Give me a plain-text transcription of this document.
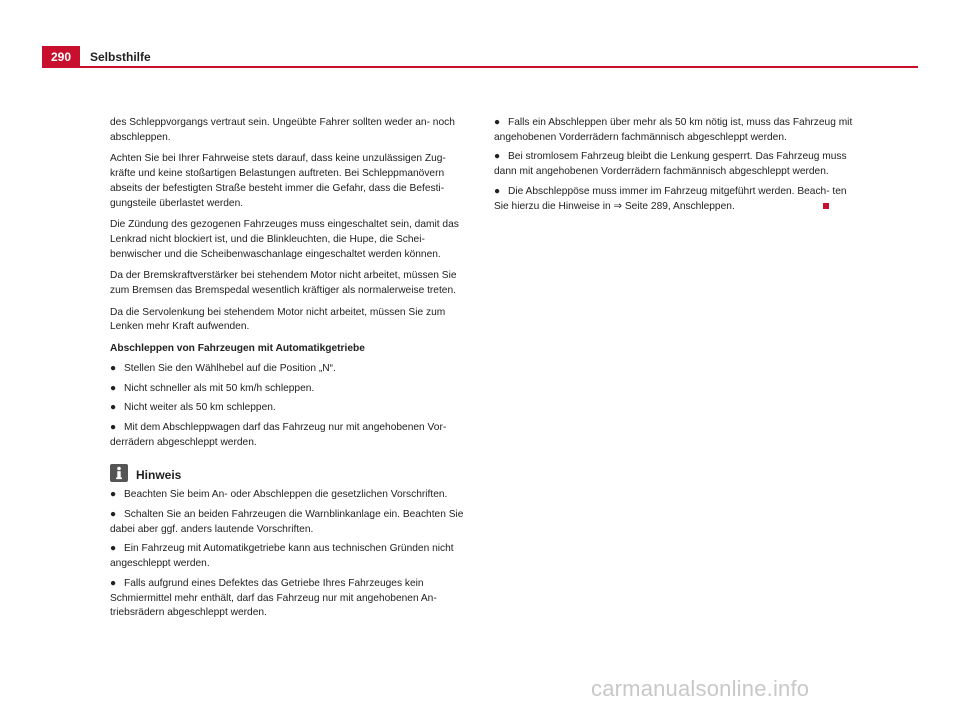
290	Selbsthilfe

des Schleppvorgangs vertraut sein. Ungeübte Fahrer sollten weder an- noch abschleppen.

Achten Sie bei Ihrer Fahrweise stets darauf, dass keine unzulässigen Zug- kräfte und keine stoßartigen Belastungen auftreten. Bei Schleppmanövern abseits der befestigten Straße besteht immer die Gefahr, dass die Befesti- gungsteile überlastet werden.

Die Zündung des gezogenen Fahrzeuges muss eingeschaltet sein, damit das Lenkrad nicht blockiert ist, und die Blinkleuchten, die Hupe, die Schei- benwischer und die Scheibenwaschanlage eingeschaltet werden können.

Da der Bremskraftverstärker bei stehendem Motor nicht arbeitet, müssen Sie zum Bremsen das Bremspedal wesentlich kräftiger als normalerweise treten.

Da die Servolenkung bei stehendem Motor nicht arbeitet, müssen Sie zum Lenken mehr Kraft aufwenden.

Abschleppen von Fahrzeugen mit Automatikgetriebe
● Stellen Sie den Wählhebel auf die Position „N“.
● Nicht schneller als mit 50 km/h schleppen.
● Nicht weiter als 50 km schleppen.
● Mit dem Abschleppwagen darf das Fahrzeug nur mit angehobenen Vor- derrädern abgeschleppt werden.
Hinweis
● Beachten Sie beim An- oder Abschleppen die gesetzlichen Vorschriften.
● Schalten Sie an beiden Fahrzeugen die Warnblinkanlage ein. Beachten Sie dabei aber ggf. anders lautende Vorschriften.
● Ein Fahrzeug mit Automatikgetriebe kann aus technischen Gründen nicht angeschleppt werden.
● Falls aufgrund eines Defektes das Getriebe Ihres Fahrzeuges kein Schmiermittel mehr enthält, darf das Fahrzeug nur mit angehobenen An- triebsrädern abgeschleppt werden.
● Falls ein Abschleppen über mehr als 50 km nötig ist, muss das Fahrzeug mit angehobenen Vorderrädern fachmännisch abgeschleppt werden.
● Bei stromlosem Fahrzeug bleibt die Lenkung gesperrt. Das Fahrzeug muss dann mit angehobenen Vorderrädern fachmännisch abgeschleppt werden.
● Die Abschleppöse muss immer im Fahrzeug mitgeführt werden. Beach- ten Sie hierzu die Hinweise in ⇒ Seite 289, Anschleppen.
carmanualsonline.info
